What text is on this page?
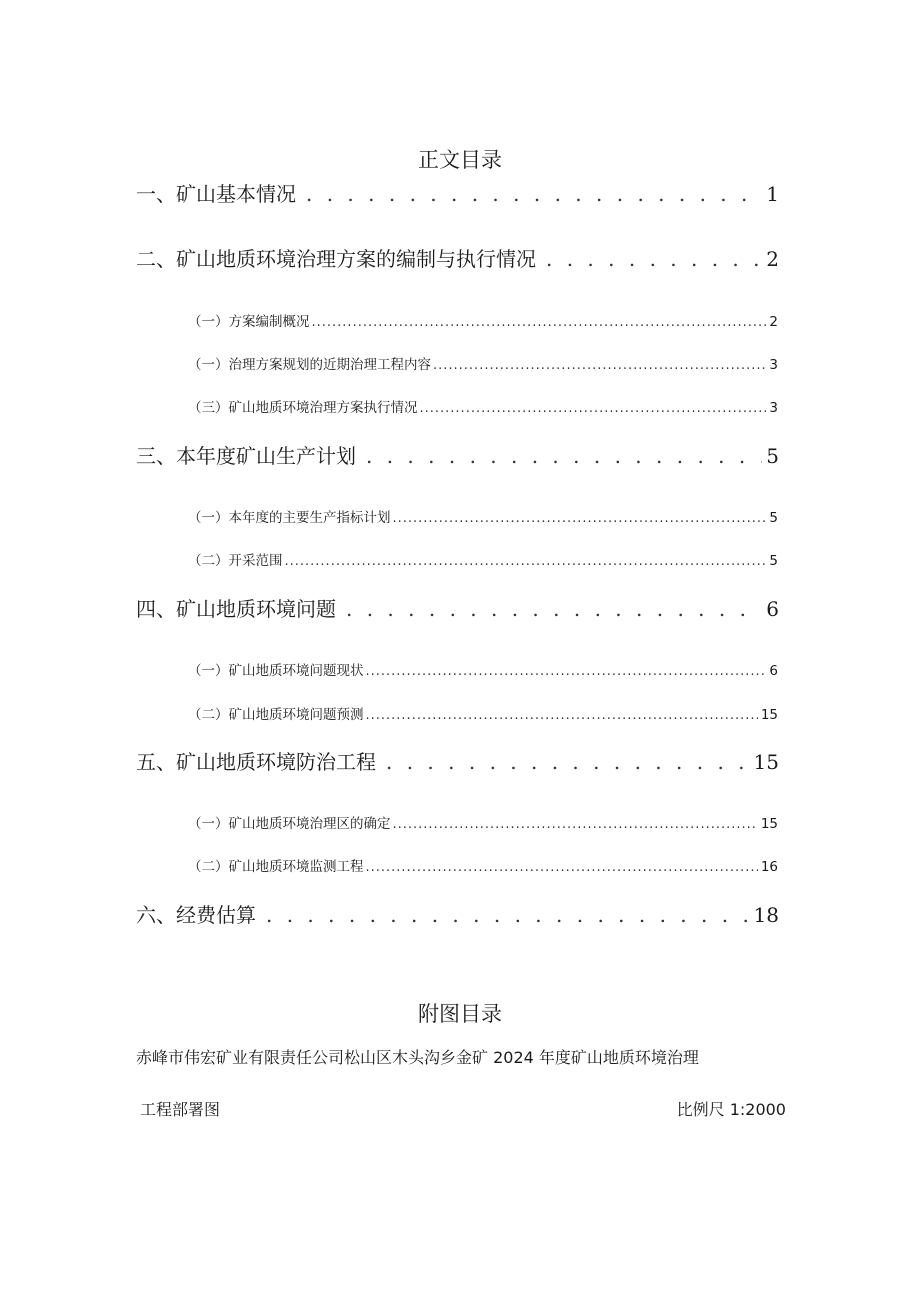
正文目录
一、矿山基本情况 . . .	1
二、矿山地质环境治理方案的编制与执行情况 . . .	2
（一）方案编制概况 .....	2
（一）治理方案规划的近期治理工程内容 .....	3
（三）矿山地质环境治理方案执行情况 .....	3
三、本年度矿山生产计划 . . .	5
（一）本年度的主要生产指标计划 .....	5
（二）开采范围 .....	5
四、矿山地质环境问题 . . .	6
（一）矿山地质环境问题现状 .....	6
（二）矿山地质环境问题预测 .....	15
五、矿山地质环境防治工程 . . .	15
（一）矿山地质环境治理区的确定 .....	15
（二）矿山地质环境监测工程 .....	16
六、经费估算 . . .	18
附图目录
赤峰市伟宏矿业有限责任公司松山区木头沟乡金矿 2024 年度矿山地质环境治理
工程部署图	比例尺 1:2000
